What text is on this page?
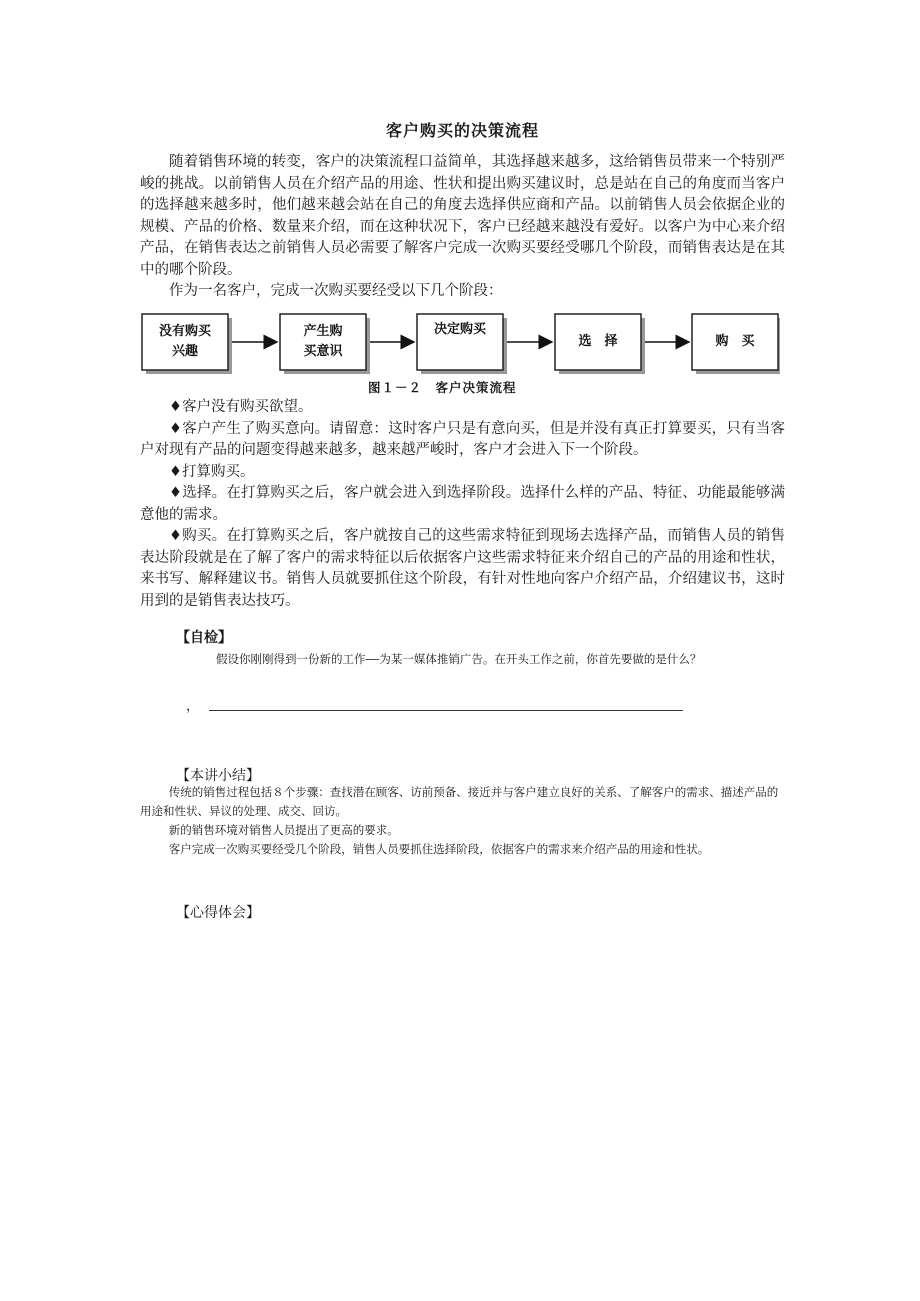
客户购买的决策流程

随着销售环境的转变，客户的决策流程口益简单，其选择越来越多，这给销售员带来一个特别严峻的挑战。以前销售人员在介绍产品的用途、性状和提出购买建议时，总是站在自己的角度而当客户的选择越来越多时，他们越来越会站在自己的角度去选择供应商和产品。以前销售人员会依据企业的规模、产品的价格、数量来介绍，而在这种状况下，客户已经越来越没有爱好。以客户为中心来介绍产品，在销售表达之前销售人员必需要了解客户完成一次购买要经受哪几个阶段，而销售表达是在其中的哪个阶段。

作为一名客户，完成一次购买要经受以下几个阶段：

没有购买
兴趣
产生购
买意识
决定购买
选　择	购　买
图１－２　客户决策流程

♦客户没有购买欲望。

♦客户产生了购买意向。请留意：这时客户只是有意向买，但是并没有真正打算要买，只有当客户对现有产品的问题变得越来越多，越来越严峻时，客户才会进入下一个阶段。

♦打算购买。

♦选择。在打算购买之后，客户就会进入到选择阶段。选择什么样的产品、特征、功能最能够满意他的需求。

♦购买。在打算购买之后，客户就按自己的这些需求特征到现场去选择产品，而销售人员的销售表达阶段就是在了解了客户的需求特征以后依据客户这些需求特征来介绍自己的产品的用途和性状，来书写、解释建议书。销售人员就要抓住这个阶段，有针对性地向客户介绍产品，介绍建议书，这时用到的是销售表达技巧。

【自检】
假设你刚刚得到一份新的工作——为某一媒体推销广告。在开头工作之前，你首先要做的是什么？
，
【本讲小结】

传统的销售过程包括８个步骤：查找潜在顾客、访前预备、接近并与客户建立良好的关系、了解客户的需求、描述产品的用途和性状、异议的处理、成交、回访。

新的销售环境对销售人员提出了更高的要求。

客户完成一次购买要经受几个阶段，销售人员要抓住选择阶段，依据客户的需求来介绍产品的用途和性状。

【心得体会】
